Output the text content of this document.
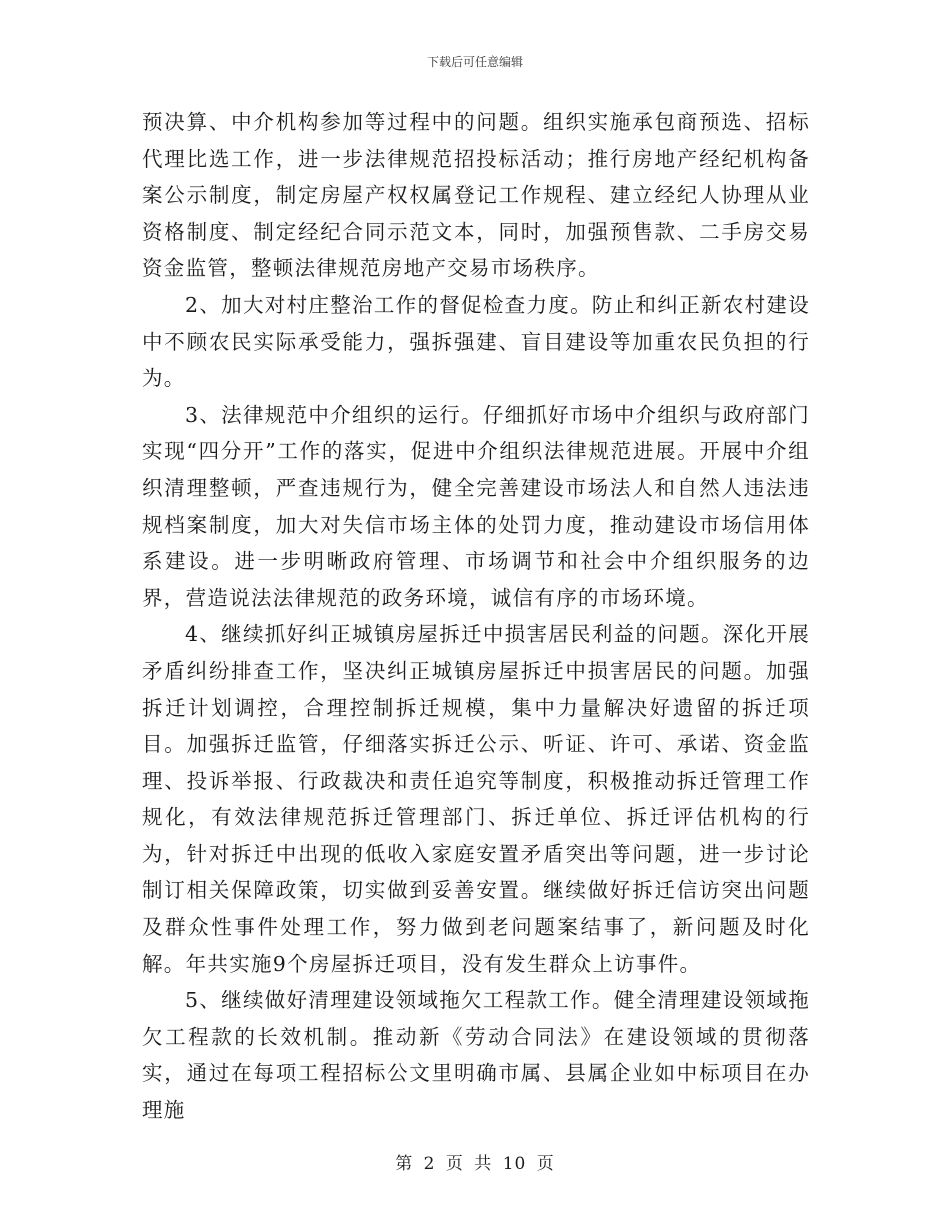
下载后可任意编辑

预决算、中介机构参加等过程中的问题。组织实施承包商预选、招标代理比选工作，进一步法律规范招投标活动；推行房地产经纪机构备案公示制度，制定房屋产权权属登记工作规程、建立经纪人协理从业资格制度、制定经纪合同示范文本，同时，加强预售款、二手房交易资金监管，整顿法律规范房地产交易市场秩序。

2、加大对村庄整治工作的督促检查力度。防止和纠正新农村建设中不顾农民实际承受能力，强拆强建、盲目建设等加重农民负担的行为。

3、法律规范中介组织的运行。仔细抓好市场中介组织与政府部门实现“四分开”工作的落实，促进中介组织法律规范进展。开展中介组织清理整顿，严查违规行为，健全完善建设市场法人和自然人违法违规档案制度，加大对失信市场主体的处罚力度，推动建设市场信用体系建设。进一步明晰政府管理、市场调节和社会中介组织服务的边界，营造说法法律规范的政务环境，诚信有序的市场环境。

4、继续抓好纠正城镇房屋拆迁中损害居民利益的问题。深化开展矛盾纠纷排查工作，坚决纠正城镇房屋拆迁中损害居民的问题。加强拆迁计划调控，合理控制拆迁规模，集中力量解决好遗留的拆迁项目。加强拆迁监管，仔细落实拆迁公示、听证、许可、承诺、资金监理、投诉举报、行政裁决和责任追究等制度，积极推动拆迁管理工作规化，有效法律规范拆迁管理部门、拆迁单位、拆迁评估机构的行为，针对拆迁中出现的低收入家庭安置矛盾突出等问题，进一步讨论制订相关保障政策，切实做到妥善安置。继续做好拆迁信访突出问题及群众性事件处理工作，努力做到老问题案结事了，新问题及时化解。年共实施9个房屋拆迁项目，没有发生群众上访事件。

5、继续做好清理建设领域拖欠工程款工作。健全清理建设领域拖欠工程款的长效机制。推动新《劳动合同法》在建设领域的贯彻落实，通过在每项工程招标公文里明确市属、县属企业如中标项目在办理施

第 2 页 共 10 页
